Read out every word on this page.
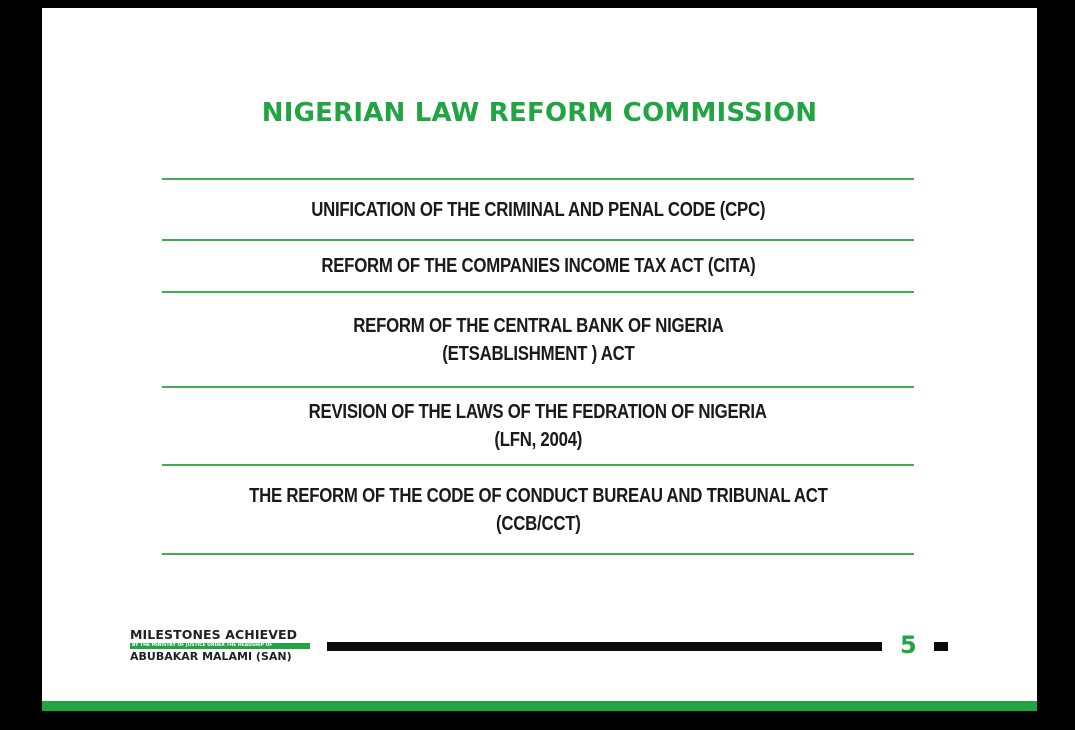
NIGERIAN LAW REFORM COMMISSION
UNIFICATION OF THE CRIMINAL AND PENAL CODE (CPC)
REFORM OF THE COMPANIES INCOME TAX ACT (CITA)
REFORM OF THE CENTRAL BANK OF NIGERIA
(ETSABLISHMENT ) ACT
REVISION OF THE LAWS OF THE FEDRATION OF NIGERIA
(LFN, 2004)
THE REFORM OF THE CODE OF CONDUCT BUREAU AND TRIBUNAL ACT
(CCB/CCT)
MILESTONES ACHIEVED
BY THE MINISTRY OF JUSTICE UNDER THE HEADSHIP OF
ABUBAKAR MALAMI (SAN)	5
